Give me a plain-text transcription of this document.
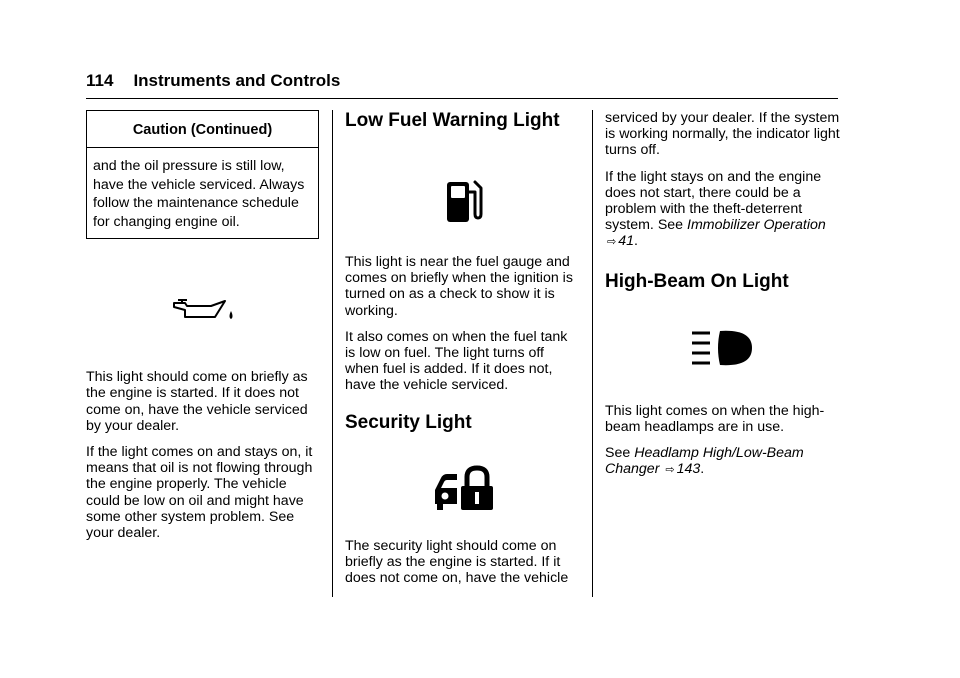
114 Instruments and Controls
Caution (Continued)
and the oil pressure is still low,
have the vehicle serviced. Always
follow the maintenance schedule
for changing engine oil.

This light should come on briefly as the engine is started. If it does not come on, have the vehicle serviced by your dealer.

If the light comes on and stays on, it means that oil is not flowing through the engine properly. The vehicle could be low on oil and might have some other system problem. See your dealer.

Low Fuel Warning Light

This light is near the fuel gauge and comes on briefly when the ignition is turned on as a check to show it is working.

It also comes on when the fuel tank is low on fuel. The light turns off when fuel is added. If it does not, have the vehicle serviced.

Security Light

The security light should come on briefly as the engine is started. If it does not come on, have the vehicle

serviced by your dealer. If the system is working normally, the indicator light turns off.

If the light stays on and the engine does not start, there could be a problem with the theft-deterrent system. See Immobilizer Operation ⇨ 41.

High-Beam On Light

This light comes on when the high-beam headlamps are in use.

See Headlamp High/Low-Beam Changer ⇨ 143.
